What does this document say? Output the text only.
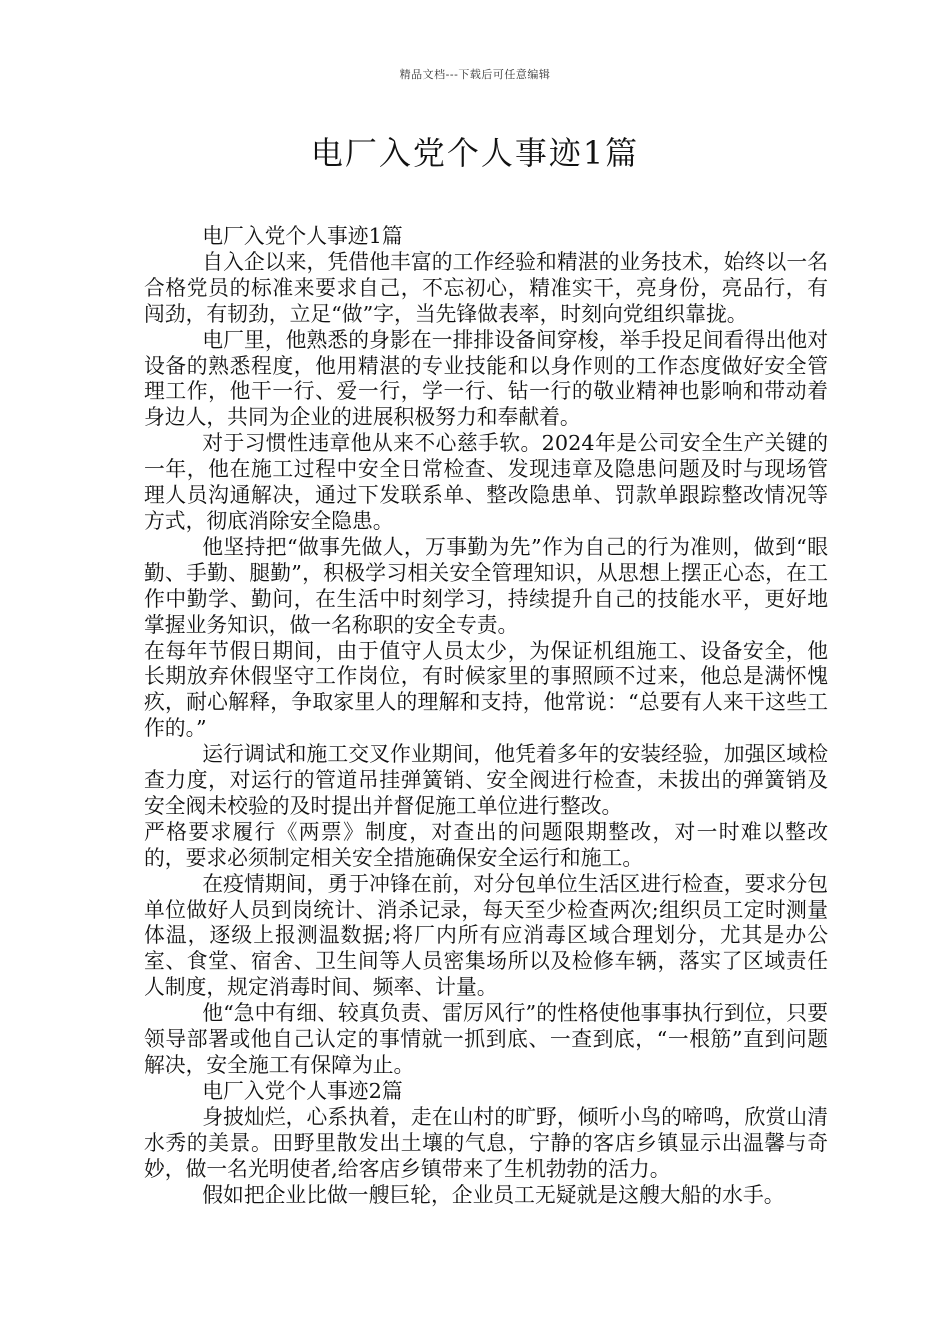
精品文档---下载后可任意编辑
电厂入党个人事迹1篇

电厂入党个人事迹1篇

自入企以来，凭借他丰富的工作经验和精湛的业务技术，始终以一名合格党员的标准来要求自己，不忘初心，精准实干，亮身份，亮品行，有闯劲，有韧劲，立足“做”字，当先锋做表率，时刻向党组织靠拢。

电厂里，他熟悉的身影在一排排设备间穿梭，举手投足间看得出他对设备的熟悉程度，他用精湛的专业技能和以身作则的工作态度做好安全管理工作，他干一行、爱一行，学一行、钻一行的敬业精神也影响和带动着身边人，共同为企业的进展积极努力和奉献着。

对于习惯性违章他从来不心慈手软。2024年是公司安全生产关键的一年，他在施工过程中安全日常检查、发现违章及隐患问题及时与现场管理人员沟通解决，通过下发联系单、整改隐患单、罚款单跟踪整改情况等方式，彻底消除安全隐患。

他坚持把“做事先做人，万事勤为先”作为自己的行为准则，做到“眼勤、手勤、腿勤”，积极学习相关安全管理知识，从思想上摆正心态，在工作中勤学、勤问，在生活中时刻学习，持续提升自己的技能水平，更好地掌握业务知识，做一名称职的安全专责。

在每年节假日期间，由于值守人员太少，为保证机组施工、设备安全，他长期放弃休假坚守工作岗位，有时候家里的事照顾不过来，他总是满怀愧疚，耐心解释，争取家里人的理解和支持，他常说：“总要有人来干这些工作的。”

运行调试和施工交叉作业期间，他凭着多年的安装经验，加强区域检查力度，对运行的管道吊挂弹簧销、安全阀进行检查，未拔出的弹簧销及安全阀未校验的及时提出并督促施工单位进行整改。

严格要求履行《两票》制度，对查出的问题限期整改，对一时难以整改的，要求必须制定相关安全措施确保安全运行和施工。

在疫情期间，勇于冲锋在前，对分包单位生活区进行检查，要求分包单位做好人员到岗统计、消杀记录，每天至少检查两次;组织员工定时测量体温，逐级上报测温数据;将厂内所有应消毒区域合理划分，尤其是办公室、食堂、宿舍、卫生间等人员密集场所以及检修车辆，落实了区域责任人制度，规定消毒时间、频率、计量。

他“急中有细、较真负责、雷厉风行”的性格使他事事执行到位，只要领导部署或他自己认定的事情就一抓到底、一查到底，“一根筋”直到问题解决，安全施工有保障为止。

电厂入党个人事迹2篇

身披灿烂，心系执着，走在山村的旷野，倾听小鸟的啼鸣，欣赏山清水秀的美景。田野里散发出土壤的气息，宁静的客店乡镇显示出温馨与奇妙，做一名光明使者,给客店乡镇带来了生机勃勃的活力。

假如把企业比做一艘巨轮，企业员工无疑就是这艘大船的水手。
